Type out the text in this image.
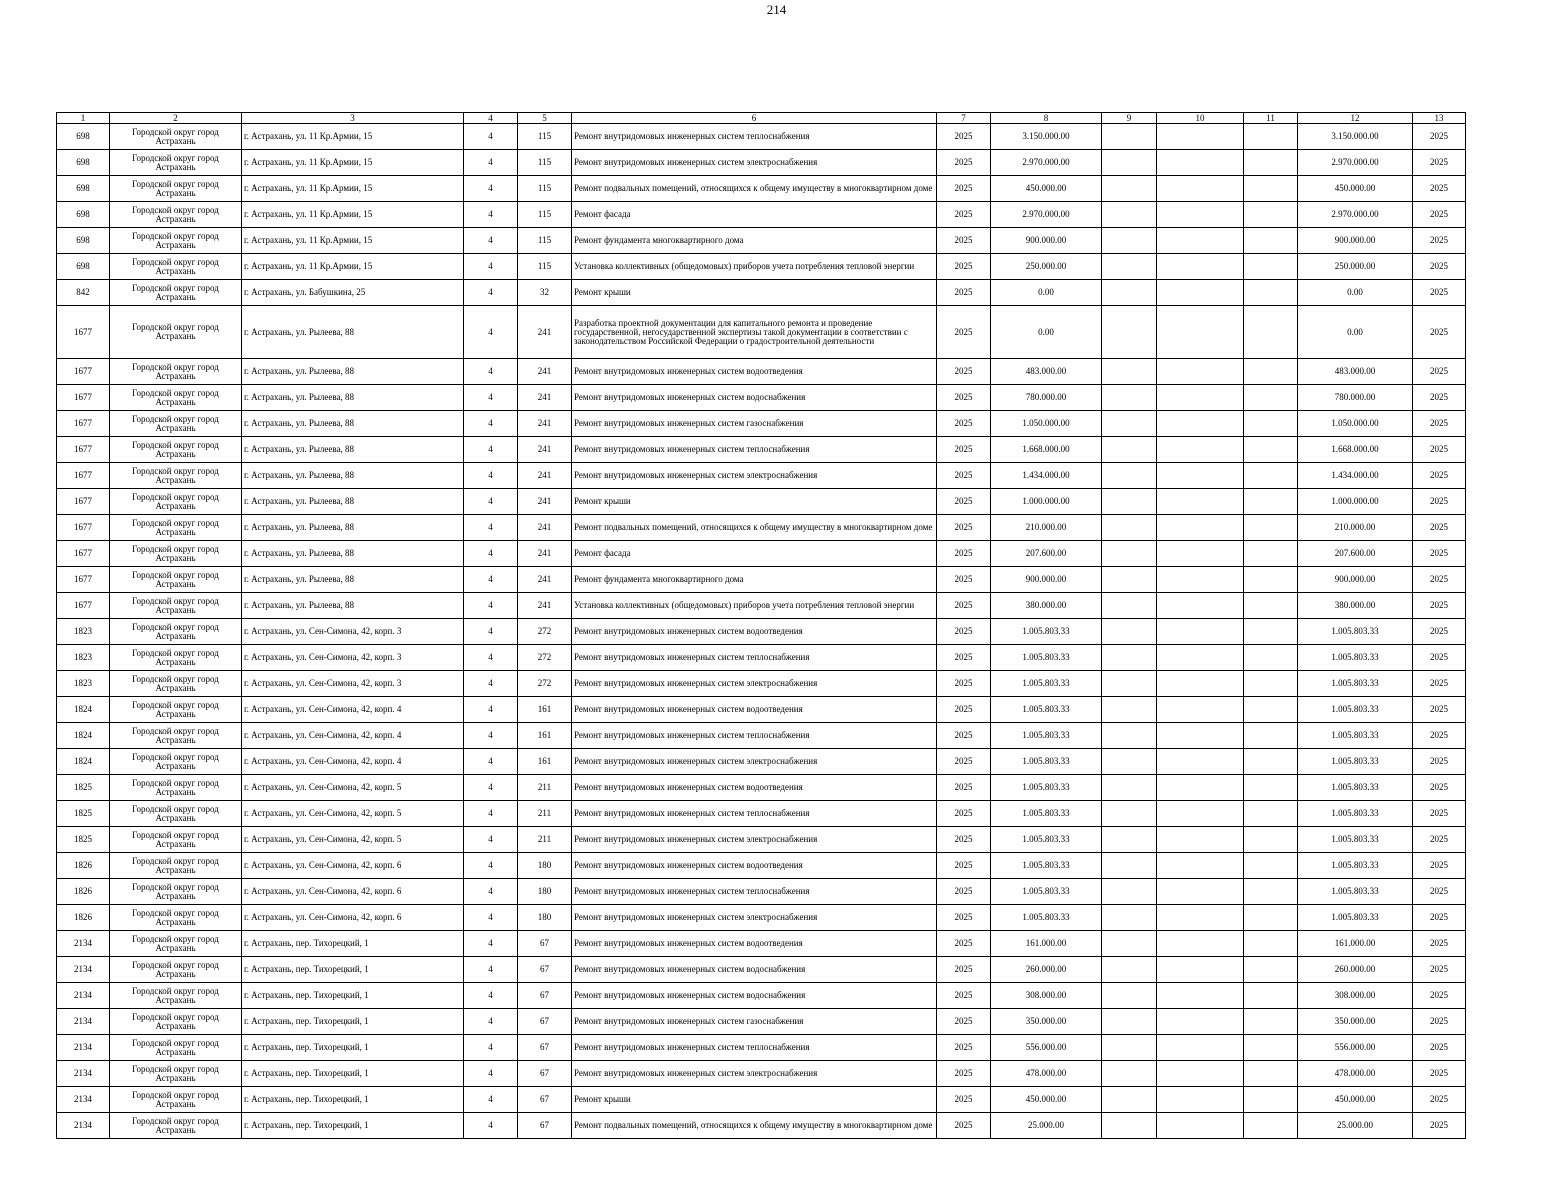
214
1	2	3	4	5	6	7	8	9	10	11	12	13
698	Городской округ город Астрахань	г. Астрахань, ул. 11 Кр.Армии, 15	4	115	Ремонт внутридомовых инженерных систем теплоснабжения	2025	3.150.000.00				3.150.000.00	2025
698	Городской округ город Астрахань	г. Астрахань, ул. 11 Кр.Армии, 15	4	115	Ремонт внутридомовых инженерных систем электроснабжения	2025	2.970.000.00				2.970.000.00	2025
698	Городской округ город Астрахань	г. Астрахань, ул. 11 Кр.Армии, 15	4	115	Ремонт подвальных помещений, относящихся к общему имуществу в многоквартирном доме	2025	450.000.00				450.000.00	2025
698	Городской округ город Астрахань	г. Астрахань, ул. 11 Кр.Армии, 15	4	115	Ремонт фасада	2025	2.970.000.00				2.970.000.00	2025
698	Городской округ город Астрахань	г. Астрахань, ул. 11 Кр.Армии, 15	4	115	Ремонт фундамента многоквартирного дома	2025	900.000.00				900.000.00	2025
698	Городской округ город Астрахань	г. Астрахань, ул. 11 Кр.Армии, 15	4	115	Установка коллективных (общедомовых) приборов учета потребления тепловой энергии	2025	250.000.00				250.000.00	2025
842	Городской округ город Астрахань	г. Астрахань, ул. Бабушкина, 25	4	32	Ремонт крыши	2025	0.00				0.00	2025
1677	Городской округ город Астрахань	г. Астрахань, ул. Рылеева, 88	4	241	Разработка проектной документации для капитального ремонта и проведение государственной, негосударственной экспертизы такой документации в соответствии с законодательством Российской Федерации о градостроительной деятельности	2025	0.00				0.00	2025
1677	Городской округ город Астрахань	г. Астрахань, ул. Рылеева, 88	4	241	Ремонт внутридомовых инженерных систем водоотведения	2025	483.000.00				483.000.00	2025
1677	Городской округ город Астрахань	г. Астрахань, ул. Рылеева, 88	4	241	Ремонт внутридомовых инженерных систем водоснабжения	2025	780.000.00				780.000.00	2025
1677	Городской округ город Астрахань	г. Астрахань, ул. Рылеева, 88	4	241	Ремонт внутридомовых инженерных систем газоснабжения	2025	1.050.000.00				1.050.000.00	2025
1677	Городской округ город Астрахань	г. Астрахань, ул. Рылеева, 88	4	241	Ремонт внутридомовых инженерных систем теплоснабжения	2025	1.668.000.00				1.668.000.00	2025
1677	Городской округ город Астрахань	г. Астрахань, ул. Рылеева, 88	4	241	Ремонт внутридомовых инженерных систем электроснабжения	2025	1.434.000.00				1.434.000.00	2025
1677	Городской округ город Астрахань	г. Астрахань, ул. Рылеева, 88	4	241	Ремонт крыши	2025	1.000.000.00				1.000.000.00	2025
1677	Городской округ город Астрахань	г. Астрахань, ул. Рылеева, 88	4	241	Ремонт подвальных помещений, относящихся к общему имуществу в многоквартирном доме	2025	210.000.00				210.000.00	2025
1677	Городской округ город Астрахань	г. Астрахань, ул. Рылеева, 88	4	241	Ремонт фасада	2025	207.600.00				207.600.00	2025
1677	Городской округ город Астрахань	г. Астрахань, ул. Рылеева, 88	4	241	Ремонт фундамента многоквартирного дома	2025	900.000.00				900.000.00	2025
1677	Городской округ город Астрахань	г. Астрахань, ул. Рылеева, 88	4	241	Установка коллективных (общедомовых) приборов учета потребления тепловой энергии	2025	380.000.00				380.000.00	2025
1823	Городской округ город Астрахань	г. Астрахань, ул. Сен-Симона, 42, корп. 3	4	272	Ремонт внутридомовых инженерных систем водоотведения	2025	1.005.803.33				1.005.803.33	2025
1823	Городской округ город Астрахань	г. Астрахань, ул. Сен-Симона, 42, корп. 3	4	272	Ремонт внутридомовых инженерных систем теплоснабжения	2025	1.005.803.33				1.005.803.33	2025
1823	Городской округ город Астрахань	г. Астрахань, ул. Сен-Симона, 42, корп. 3	4	272	Ремонт внутридомовых инженерных систем электроснабжения	2025	1.005.803.33				1.005.803.33	2025
1824	Городской округ город Астрахань	г. Астрахань, ул. Сен-Симона, 42, корп. 4	4	161	Ремонт внутридомовых инженерных систем водоотведения	2025	1.005.803.33				1.005.803.33	2025
1824	Городской округ город Астрахань	г. Астрахань, ул. Сен-Симона, 42, корп. 4	4	161	Ремонт внутридомовых инженерных систем теплоснабжения	2025	1.005.803.33				1.005.803.33	2025
1824	Городской округ город Астрахань	г. Астрахань, ул. Сен-Симона, 42, корп. 4	4	161	Ремонт внутридомовых инженерных систем электроснабжения	2025	1.005.803.33				1.005.803.33	2025
1825	Городской округ город Астрахань	г. Астрахань, ул. Сен-Симона, 42, корп. 5	4	211	Ремонт внутридомовых инженерных систем водоотведения	2025	1.005.803.33				1.005.803.33	2025
1825	Городской округ город Астрахань	г. Астрахань, ул. Сен-Симона, 42, корп. 5	4	211	Ремонт внутридомовых инженерных систем теплоснабжения	2025	1.005.803.33				1.005.803.33	2025
1825	Городской округ город Астрахань	г. Астрахань, ул. Сен-Симона, 42, корп. 5	4	211	Ремонт внутридомовых инженерных систем электроснабжения	2025	1.005.803.33				1.005.803.33	2025
1826	Городской округ город Астрахань	г. Астрахань, ул. Сен-Симона, 42, корп. 6	4	180	Ремонт внутридомовых инженерных систем водоотведения	2025	1.005.803.33				1.005.803.33	2025
1826	Городской округ город Астрахань	г. Астрахань, ул. Сен-Симона, 42, корп. 6	4	180	Ремонт внутридомовых инженерных систем теплоснабжения	2025	1.005.803.33				1.005.803.33	2025
1826	Городской округ город Астрахань	г. Астрахань, ул. Сен-Симона, 42, корп. 6	4	180	Ремонт внутридомовых инженерных систем электроснабжения	2025	1.005.803.33				1.005.803.33	2025
2134	Городской округ город Астрахань	г. Астрахань, пер. Тихорецкий, 1	4	67	Ремонт внутридомовых инженерных систем водоотведения	2025	161.000.00				161.000.00	2025
2134	Городской округ город Астрахань	г. Астрахань, пер. Тихорецкий, 1	4	67	Ремонт внутридомовых инженерных систем водоснабжения	2025	260.000.00				260.000.00	2025
2134	Городской округ город Астрахань	г. Астрахань, пер. Тихорецкий, 1	4	67	Ремонт внутридомовых инженерных систем водоснабжения	2025	308.000.00				308.000.00	2025
2134	Городской округ город Астрахань	г. Астрахань, пер. Тихорецкий, 1	4	67	Ремонт внутридомовых инженерных систем газоснабжения	2025	350.000.00				350.000.00	2025
2134	Городской округ город Астрахань	г. Астрахань, пер. Тихорецкий, 1	4	67	Ремонт внутридомовых инженерных систем теплоснабжения	2025	556.000.00				556.000.00	2025
2134	Городской округ город Астрахань	г. Астрахань, пер. Тихорецкий, 1	4	67	Ремонт внутридомовых инженерных систем электроснабжения	2025	478.000.00				478.000.00	2025
2134	Городской округ город Астрахань	г. Астрахань, пер. Тихорецкий, 1	4	67	Ремонт крыши	2025	450.000.00				450.000.00	2025
2134	Городской округ город Астрахань	г. Астрахань, пер. Тихорецкий, 1	4	67	Ремонт подвальных помещений, относящихся к общему имуществу в многоквартирном доме	2025	25.000.00				25.000.00	2025
